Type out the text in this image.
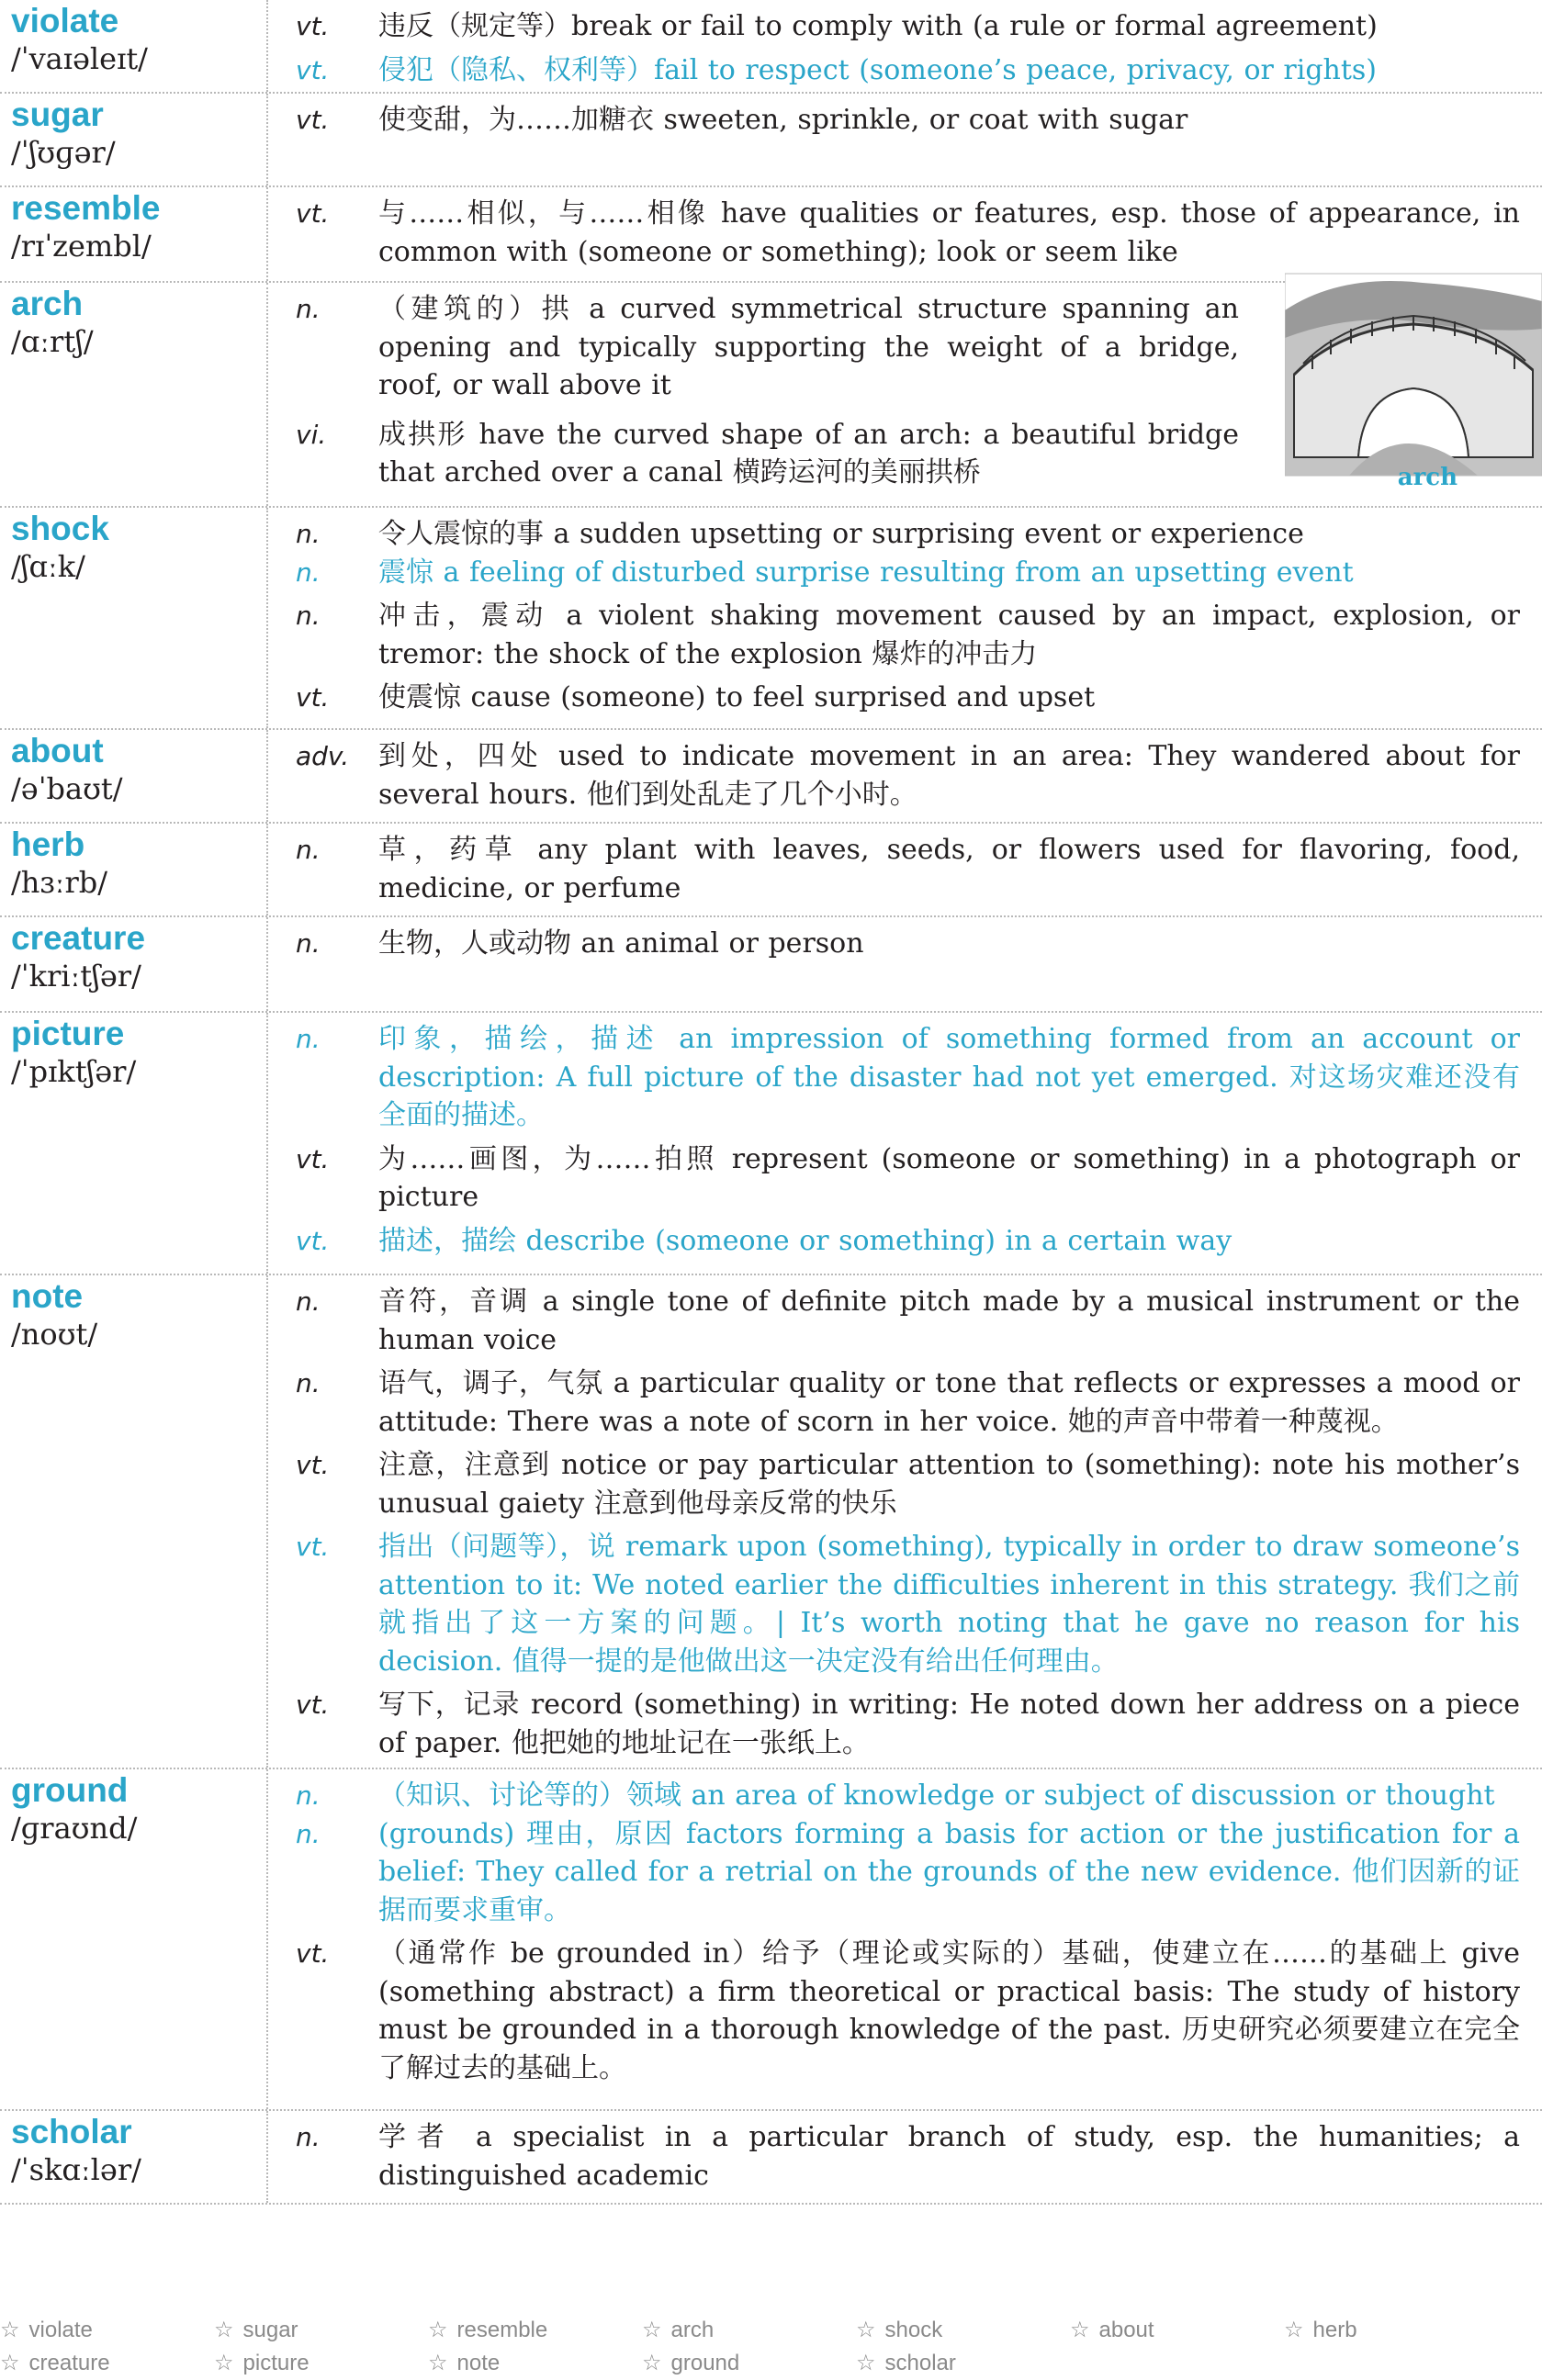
violate
/ˈvaɪəleɪt/
vt.	违反（规定等）break or fail to comply with (a rule or formal agreement)
vt.	侵犯（隐私、权利等）fail to respect (someone’s peace, privacy, or rights)
sugar
/ˈʃʊɡər/
vt.	使变甜，为……加糖衣 sweeten, sprinkle, or coat with sugar
resemble
/rɪˈzembl/
vt.	与……相似，与……相像 have qualities or features, esp. those of appearance, in common with (someone or something); look or seem like
arch
/ɑːrtʃ/
n.	（建筑的）拱 a curved symmetrical structure spanning an opening and typically supporting the weight of a bridge, roof, or wall above it
vi.	成拱形 have the curved shape of an arch: a beautiful bridge that arched over a canal 横跨运河的美丽拱桥
shock
/ʃɑːk/
n.	令人震惊的事 a sudden upsetting or surprising event or experience
n.	震惊 a feeling of disturbed surprise resulting from an upsetting event
n.	冲击，震动 a violent shaking movement caused by an impact, explosion, or tremor: the shock of the explosion 爆炸的冲击力
vt.	使震惊 cause (someone) to feel surprised and upset
about
/əˈbaʊt/
adv.	到处，四处 used to indicate movement in an area: They wandered about for several hours. 他们到处乱走了几个小时。
herb
/hɜːrb/
n.	草，药草 any plant with leaves, seeds, or flowers used for flavoring, food, medicine, or perfume
creature
/ˈkriːtʃər/
n.	生物，人或动物 an animal or person
picture
/ˈpɪktʃər/
n.	印象，描绘，描述 an impression of something formed from an account or description: A full picture of the disaster had not yet emerged. 对这场灾难还没有全面的描述。
vt.	为……画图，为……拍照 represent (someone or something) in a photograph or picture
vt.	描述，描绘 describe (someone or something) in a certain way
note
/noʊt/
n.	音符，音调 a single tone of definite pitch made by a musical instrument or the human voice
n.	语气，调子，气氛 a particular quality or tone that reflects or expresses a mood or attitude: There was a note of scorn in her voice. 她的声音中带着一种蔑视。
vt.	注意，注意到 notice or pay particular attention to (something): note his mother’s unusual gaiety 注意到他母亲反常的快乐
vt.	指出（问题等），说 remark upon (something), typically in order to draw someone’s attention to it: We noted earlier the difficulties inherent in this strategy. 我们之前就指出了这一方案的问题。| It’s worth noting that he gave no reason for his decision. 值得一提的是他做出这一决定没有给出任何理由。
vt.	写下，记录 record (something) in writing: He noted down her address on a piece of paper. 他把她的地址记在一张纸上。
ground
/ɡraʊnd/
n.	（知识、讨论等的）领域 an area of knowledge or subject of discussion or thought
n.	(grounds) 理由，原因 factors forming a basis for action or the justification for a belief: They called for a retrial on the grounds of the new evidence. 他们因新的证据而要求重审。
vt.	（通常作 be grounded in）给予（理论或实际的）基础，使建立在……的基础上 give (something abstract) a firm theoretical or practical basis: The study of history must be grounded in a thorough knowledge of the past. 历史研究必须要建立在完全了解过去的基础上。
scholar
/ˈskɑːlər/
n.	学者 a specialist in a particular branch of study, esp. the humanities; a distinguished academic
arch
☆ violate	☆ sugar	☆ resemble	☆ arch	☆ shock	☆ about	☆ herb
☆ creature	☆ picture	☆ note	☆ ground	☆ scholar
